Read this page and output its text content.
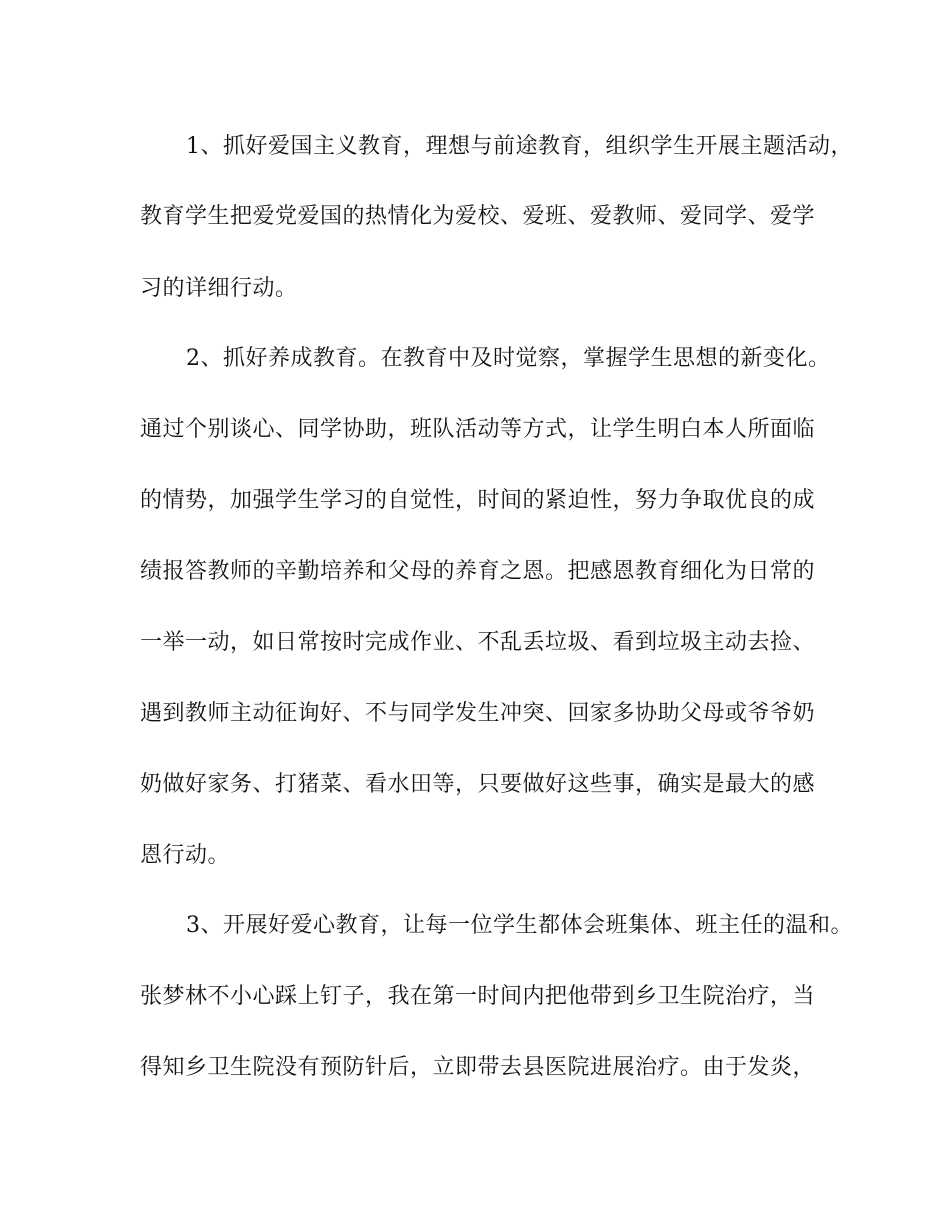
1、抓好爱国主义教育，理想与前途教育，组织学生开展主题活动，
教育学生把爱党爱国的热情化为爱校、爱班、爱教师、爱同学、爱学
习的详细行动。
2、抓好养成教育。在教育中及时觉察，掌握学生思想的新变化。
通过个别谈心、同学协助，班队活动等方式，让学生明白本人所面临
的情势，加强学生学习的自觉性，时间的紧迫性，努力争取优良的成
绩报答教师的辛勤培养和父母的养育之恩。把感恩教育细化为日常的
一举一动，如日常按时完成作业、不乱丢垃圾、看到垃圾主动去捡、
遇到教师主动征询好、不与同学发生冲突、回家多协助父母或爷爷奶
奶做好家务、打猪菜、看水田等，只要做好这些事，确实是最大的感
恩行动。
3、开展好爱心教育，让每一位学生都体会班集体、班主任的温和。
张梦林不小心踩上钉子，我在第一时间内把他带到乡卫生院治疗，当
得知乡卫生院没有预防针后，立即带去县医院进展治疗。由于发炎，
